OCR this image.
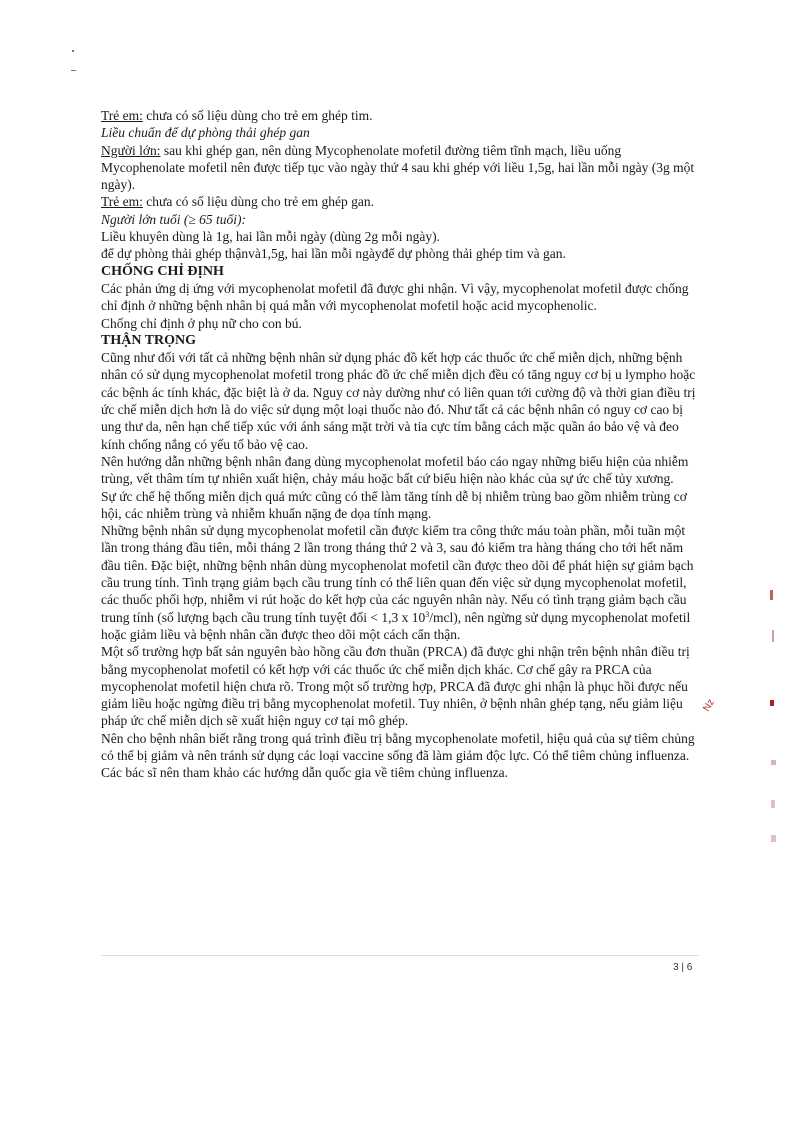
Trẻ em: chưa có số liệu dùng cho trẻ em ghép tim.

Liều chuẩn để dự phòng thải ghép gan

Người lớn: sau khi ghép gan, nên dùng Mycophenolate mofetil đường tiêm tĩnh mạch, liều uống Mycophenolate mofetil nên được tiếp tục vào ngày thứ 4 sau khi ghép với liều 1,5g, hai lần mỗi ngày (3g một ngày).

Trẻ em: chưa có số liệu dùng cho trẻ em ghép gan.

Người lớn tuổi (≥ 65 tuổi):

Liều khuyên dùng là 1g, hai lần mỗi ngày (dùng 2g mỗi ngày).

để dự phòng thải ghép thậnvà1,5g, hai lần mỗi ngàyđể dự phòng thải ghép tim và gan.

CHỐNG CHỈ ĐỊNH

Các phản ứng dị ứng với mycophenolat mofetil đã được ghi nhận. Vì vậy, mycophenolat mofetil được chống chỉ định ở những bệnh nhân bị quá mẫn với mycophenolat mofetil hoặc acid mycophenolic.

Chống chỉ định ở phụ nữ cho con bú.

THẬN TRỌNG

Cũng như đối với tất cả những bệnh nhân sử dụng phác đồ kết hợp các thuốc ức chế miễn dịch, những bệnh nhân có sử dụng mycophenolat mofetil trong phác đồ ức chế miễn dịch đều có tăng nguy cơ bị u lympho hoặc các bệnh ác tính khác, đặc biệt là ở da. Nguy cơ này dường như có liên quan tới cường độ và thời gian điều trị ức chế miễn dịch hơn là do việc sử dụng một loại thuốc nào đó. Như tất cả các bệnh nhân có nguy cơ cao bị ung thư da, nên hạn chế tiếp xúc với ánh sáng mặt trời và tia cực tím bằng cách mặc quần áo bảo vệ và đeo kính chống nắng có yếu tố bảo vệ cao.

Nên hướng dẫn những bệnh nhân đang dùng mycophenolat mofetil báo cáo ngay những biểu hiện của nhiễm trùng, vết thâm tím tự nhiên xuất hiện, chảy máu hoặc bất cứ biểu hiện nào khác của sự ức chế tủy xương.

Sự ức chế hệ thống miễn dịch quá mức cũng có thể làm tăng tính dễ bị nhiễm trùng bao gồm nhiễm trùng cơ hội, các nhiễm trùng và nhiễm khuẩn nặng đe dọa tính mạng.

Những bệnh nhân sử dụng mycophenolat mofetil cần được kiểm tra công thức máu toàn phần, mỗi tuần một lần trong tháng đầu tiên, mỗi tháng 2 lần trong tháng thứ 2 và 3, sau đó kiểm tra hàng tháng cho tới hết năm đầu tiên. Đặc biệt, những bệnh nhân dùng mycophenolat mofetil cần được theo dõi để phát hiện sự giảm bạch cầu trung tính. Tình trạng giảm bạch cầu trung tính có thể liên quan đến việc sử dụng mycophenolat mofetil, các thuốc phối hợp, nhiễm vi rút hoặc do kết hợp của các nguyên nhân này. Nếu có tình trạng giảm bạch cầu trung tính (số lượng bạch cầu trung tính tuyệt đối < 1,3 x $10^3/mcl$), nên ngừng sử dụng mycophenolat mofetil hoặc giảm liều và bệnh nhân cần được theo dõi một cách cẩn thận.

Một số trường hợp bất sản nguyên bào hồng cầu đơn thuần (PRCA) đã được ghi nhận trên bệnh nhân điều trị bằng mycophenolat mofetil có kết hợp với các thuốc ức chế miễn dịch khác. Cơ chế gây ra PRCA của mycophenolat mofetil hiện chưa rõ. Trong một số trường hợp, PRCA đã được ghi nhận là phục hồi được nếu giảm liều hoặc ngừng điều trị bằng mycophenolat mofetil. Tuy nhiên, ở bệnh nhân ghép tạng, nếu giảm liệu pháp ức chế miễn dịch sẽ xuất hiện nguy cơ tại mô ghép.

Nên cho bệnh nhân biết rằng trong quá trình điều trị bằng mycophenolate mofetil, hiệu quả của sự tiêm chủng có thể bị giảm và nên tránh sử dụng các loại vaccine sống đã làm giảm độc lực. Có thể tiêm chủng influenza. Các bác sĩ nên tham khảo các hướng dẫn quốc gia về tiêm chủng influenza.

3 | 6
Nz
